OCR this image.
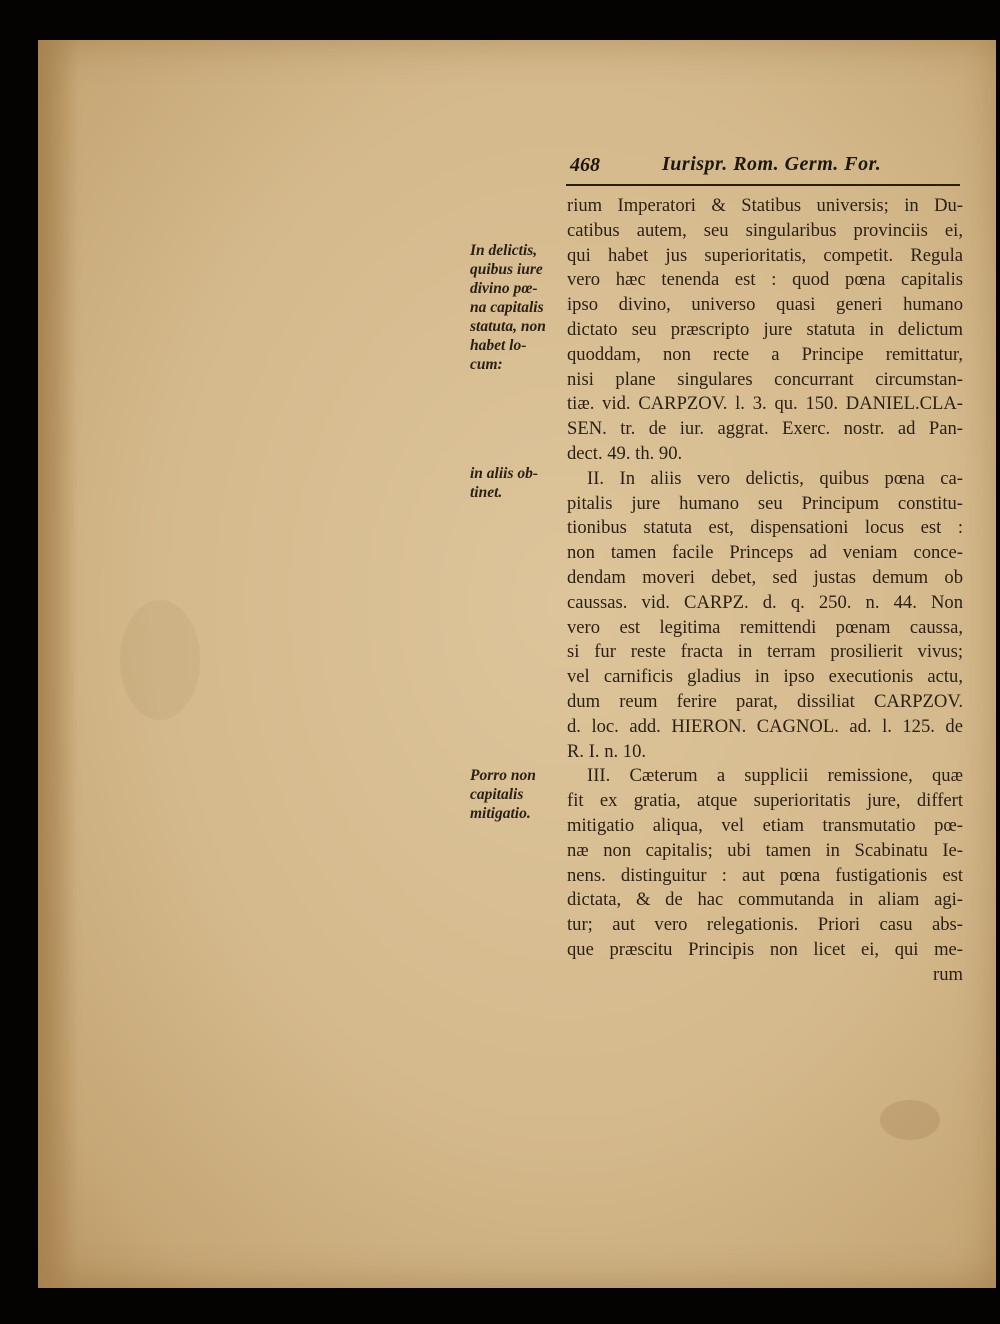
468	Iurispr. Rom. Germ. For.
In delictis,
quibus iure
divino pœ-
na capitalis
statuta, non
habet lo-
cum:
in aliis ob-
tinet.
Porro non
capitalis
mitigatio.
rium Imperatori & Statibus universis; in Du-
catibus autem, seu singularibus provinciis ei,
qui habet jus superioritatis, competit. Regula
vero hæc tenenda est : quod pœna capitalis
ipso divino, universo quasi generi humano
dictato seu præscripto jure statuta in delictum
quoddam, non recte a Principe remittatur,
nisi plane singulares concurrant circumstan-
tiæ. vid. CARPZOV. l. 3. qu. 150. DANIEL.CLA-
SEN. tr. de iur. aggrat. Exerc. nostr. ad Pan-
dect. 49. th. 90.
II. In aliis vero delictis, quibus pœna ca-
pitalis jure humano seu Principum constitu-
tionibus statuta est, dispensationi locus est :
non tamen facile Princeps ad veniam conce-
dendam moveri debet, sed justas demum ob
caussas. vid. CARPZ. d. q. 250. n. 44. Non
vero est legitima remittendi pœnam caussa,
si fur reste fracta in terram prosilierit vivus;
vel carnificis gladius in ipso executionis actu,
dum reum ferire parat, dissiliat CARPZOV.
d. loc. add. HIERON. CAGNOL. ad. l. 125. de
R. I. n. 10.
III. Cæterum a supplicii remissione, quæ
fit ex gratia, atque superioritatis jure, differt
mitigatio aliqua, vel etiam transmutatio pœ-
næ non capitalis; ubi tamen in Scabinatu Ie-
nens. distinguitur : aut pœna fustigationis est
dictata, & de hac commutanda in aliam agi-
tur; aut vero relegationis. Priori casu abs-
que præscitu Principis non licet ei, qui me-
rum
